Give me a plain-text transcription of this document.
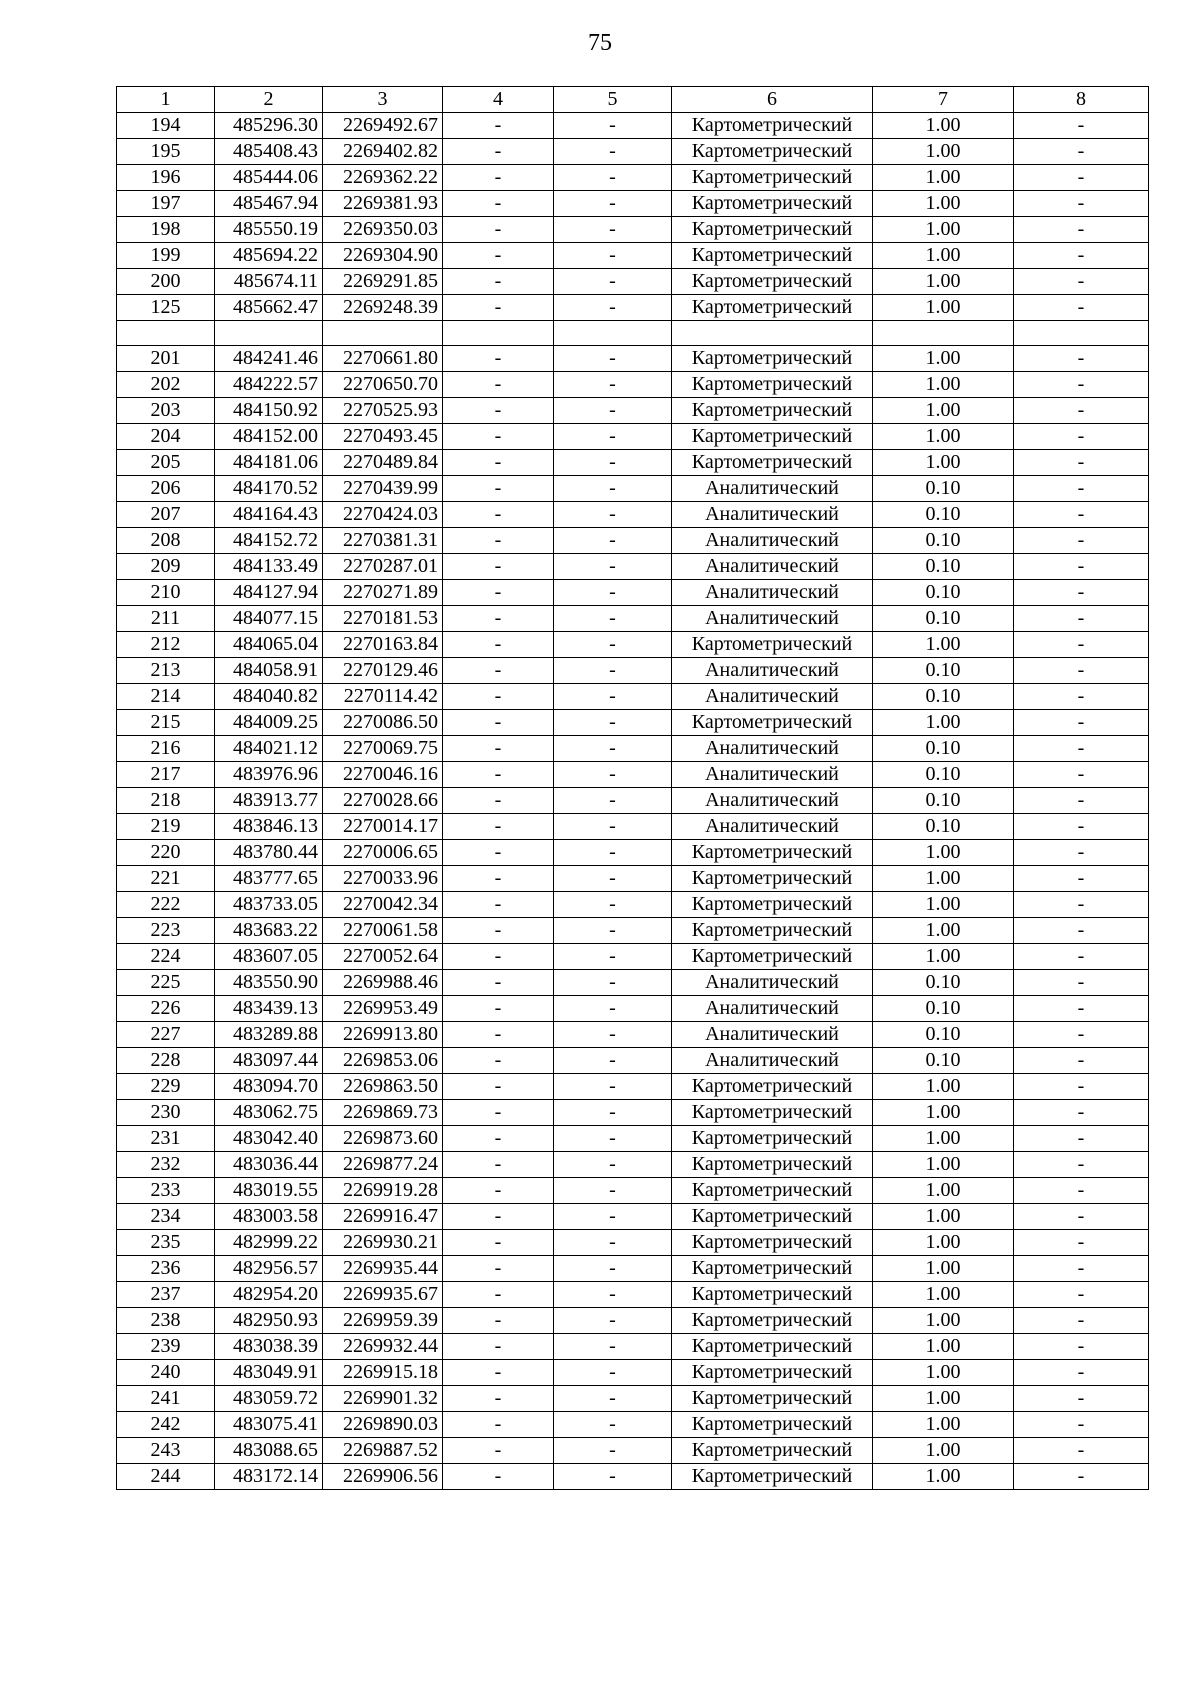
75
1	2	3	4	5	6	7	8
194	485296.30	2269492.67	-	-	Картометрический	1.00	-
195	485408.43	2269402.82	-	-	Картометрический	1.00	-
196	485444.06	2269362.22	-	-	Картометрический	1.00	-
197	485467.94	2269381.93	-	-	Картометрический	1.00	-
198	485550.19	2269350.03	-	-	Картометрический	1.00	-
199	485694.22	2269304.90	-	-	Картометрический	1.00	-
200	485674.11	2269291.85	-	-	Картометрический	1.00	-
125	485662.47	2269248.39	-	-	Картометрический	1.00	-

201	484241.46	2270661.80	-	-	Картометрический	1.00	-
202	484222.57	2270650.70	-	-	Картометрический	1.00	-
203	484150.92	2270525.93	-	-	Картометрический	1.00	-
204	484152.00	2270493.45	-	-	Картометрический	1.00	-
205	484181.06	2270489.84	-	-	Картометрический	1.00	-
206	484170.52	2270439.99	-	-	Аналитический	0.10	-
207	484164.43	2270424.03	-	-	Аналитический	0.10	-
208	484152.72	2270381.31	-	-	Аналитический	0.10	-
209	484133.49	2270287.01	-	-	Аналитический	0.10	-
210	484127.94	2270271.89	-	-	Аналитический	0.10	-
211	484077.15	2270181.53	-	-	Аналитический	0.10	-
212	484065.04	2270163.84	-	-	Картометрический	1.00	-
213	484058.91	2270129.46	-	-	Аналитический	0.10	-
214	484040.82	2270114.42	-	-	Аналитический	0.10	-
215	484009.25	2270086.50	-	-	Картометрический	1.00	-
216	484021.12	2270069.75	-	-	Аналитический	0.10	-
217	483976.96	2270046.16	-	-	Аналитический	0.10	-
218	483913.77	2270028.66	-	-	Аналитический	0.10	-
219	483846.13	2270014.17	-	-	Аналитический	0.10	-
220	483780.44	2270006.65	-	-	Картометрический	1.00	-
221	483777.65	2270033.96	-	-	Картометрический	1.00	-
222	483733.05	2270042.34	-	-	Картометрический	1.00	-
223	483683.22	2270061.58	-	-	Картометрический	1.00	-
224	483607.05	2270052.64	-	-	Картометрический	1.00	-
225	483550.90	2269988.46	-	-	Аналитический	0.10	-
226	483439.13	2269953.49	-	-	Аналитический	0.10	-
227	483289.88	2269913.80	-	-	Аналитический	0.10	-
228	483097.44	2269853.06	-	-	Аналитический	0.10	-
229	483094.70	2269863.50	-	-	Картометрический	1.00	-
230	483062.75	2269869.73	-	-	Картометрический	1.00	-
231	483042.40	2269873.60	-	-	Картометрический	1.00	-
232	483036.44	2269877.24	-	-	Картометрический	1.00	-
233	483019.55	2269919.28	-	-	Картометрический	1.00	-
234	483003.58	2269916.47	-	-	Картометрический	1.00	-
235	482999.22	2269930.21	-	-	Картометрический	1.00	-
236	482956.57	2269935.44	-	-	Картометрический	1.00	-
237	482954.20	2269935.67	-	-	Картометрический	1.00	-
238	482950.93	2269959.39	-	-	Картометрический	1.00	-
239	483038.39	2269932.44	-	-	Картометрический	1.00	-
240	483049.91	2269915.18	-	-	Картометрический	1.00	-
241	483059.72	2269901.32	-	-	Картометрический	1.00	-
242	483075.41	2269890.03	-	-	Картометрический	1.00	-
243	483088.65	2269887.52	-	-	Картометрический	1.00	-
244	483172.14	2269906.56	-	-	Картометрический	1.00	-
